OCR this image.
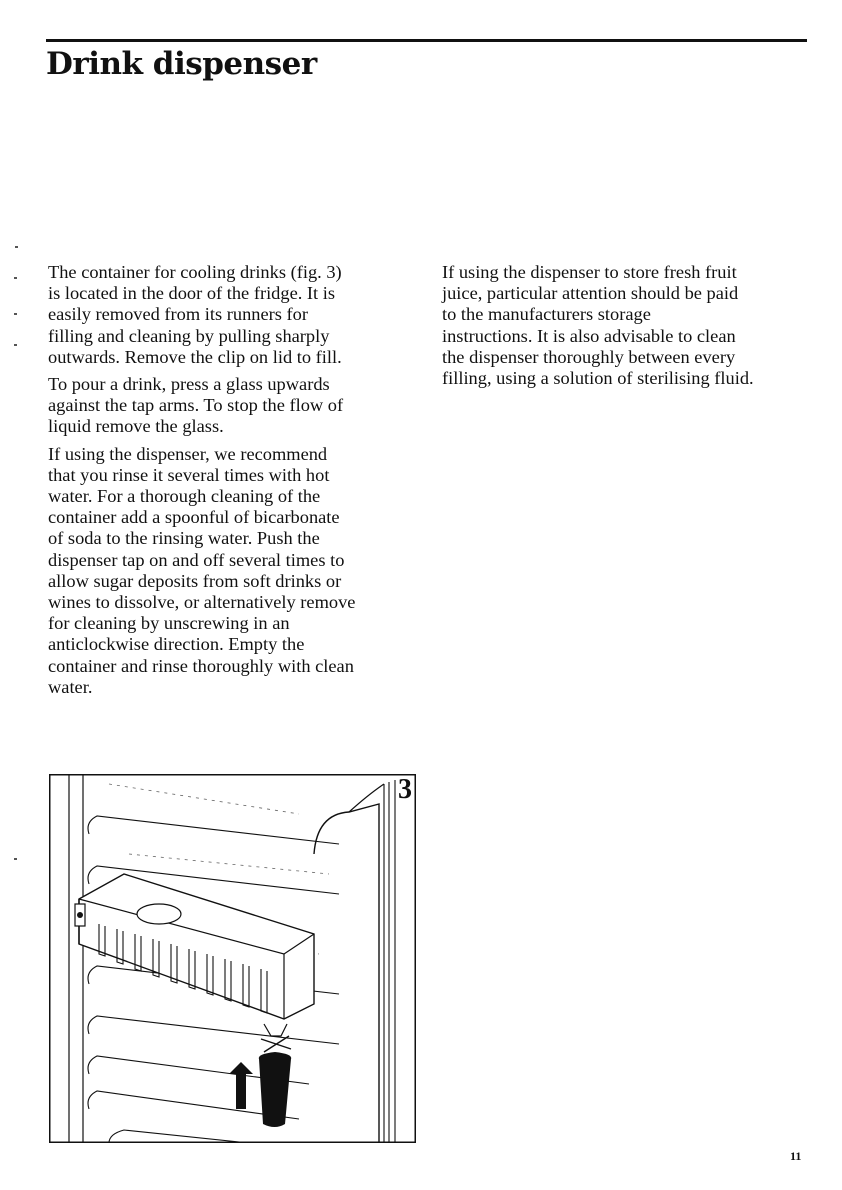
Drink dispenser

The container for cooling drinks (fig. 3)
is located in the door of the fridge. It is
easily removed from its runners for
filling and cleaning by pulling sharply
outwards. Remove the clip on lid to fill.

To pour a drink, press a glass upwards
against the tap arms. To stop the flow of
liquid remove the glass.

If using the dispenser, we recommend
that you rinse it several times with hot
water. For a thorough cleaning of the
container add a spoonful of bicarbonate
of soda to the rinsing water. Push the
dispenser tap on and off several times to
allow sugar deposits from soft drinks or
wines to dissolve, or alternatively remove
for cleaning by unscrewing in an
anticlockwise direction. Empty the
container and rinse thoroughly with clean
water.

If using the dispenser to store fresh fruit
juice, particular attention should be paid
to the manufacturers storage
instructions. It is also advisable to clean
the dispenser thoroughly between every
filling, using a solution of sterilising fluid.

3
11
